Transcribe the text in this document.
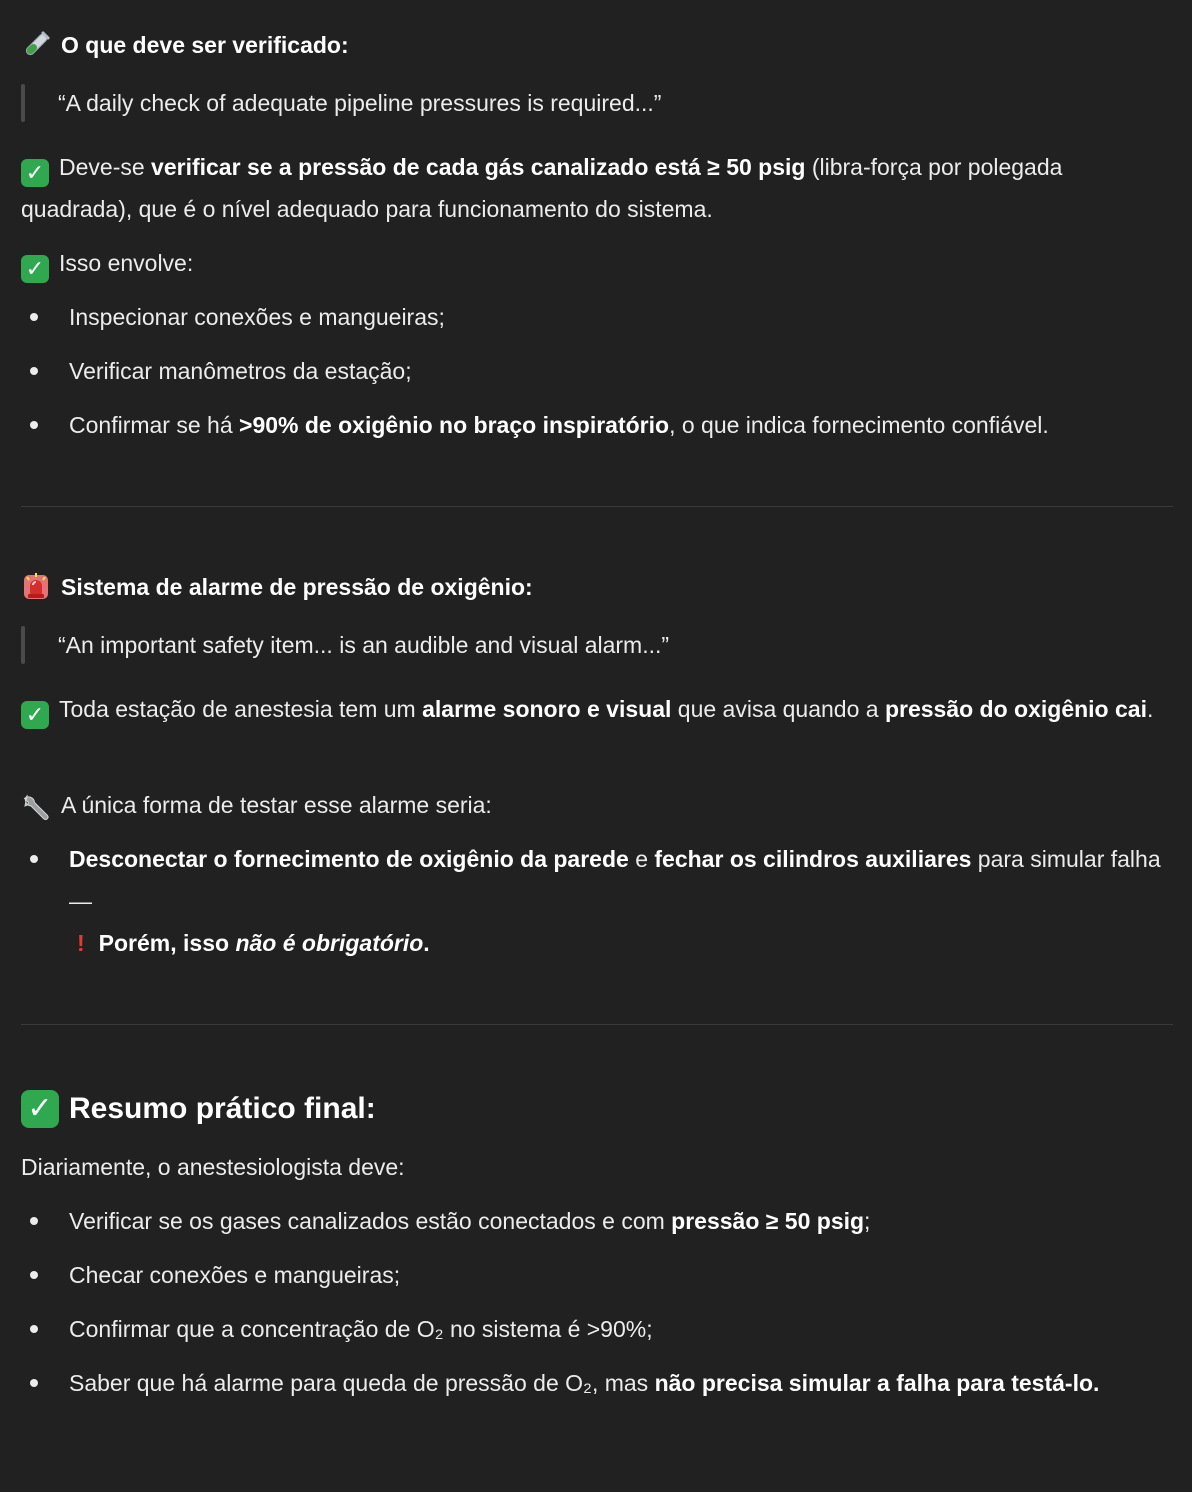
O que deve ser verificado:
“A daily check of adequate pipeline pressures is required...”
✓ Deve-se verificar se a pressão de cada gás canalizado está ≥ 50 psig (libra-força por polegada quadrada), que é o nível adequado para funcionamento do sistema.
✓ Isso envolve:
Inspecionar conexões e mangueiras;
Verificar manômetros da estação;
Confirmar se há >90% de oxigênio no braço inspiratório, o que indica fornecimento confiável.
Sistema de alarme de pressão de oxigênio:
“An important safety item... is an audible and visual alarm...”
✓ Toda estação de anestesia tem um alarme sonoro e visual que avisa quando a pressão do oxigênio cai.
A única forma de testar esse alarme seria:
Desconectar o fornecimento de oxigênio da parede e fechar os cilindros auxiliares para simular falha —
! Porém, isso não é obrigatório.
✓ Resumo prático final:
Diariamente, o anestesiologista deve:
Verificar se os gases canalizados estão conectados e com pressão ≥ 50 psig;
Checar conexões e mangueiras;
Confirmar que a concentração de O₂ no sistema é >90%;
Saber que há alarme para queda de pressão de O₂, mas não precisa simular a falha para testá-lo.
